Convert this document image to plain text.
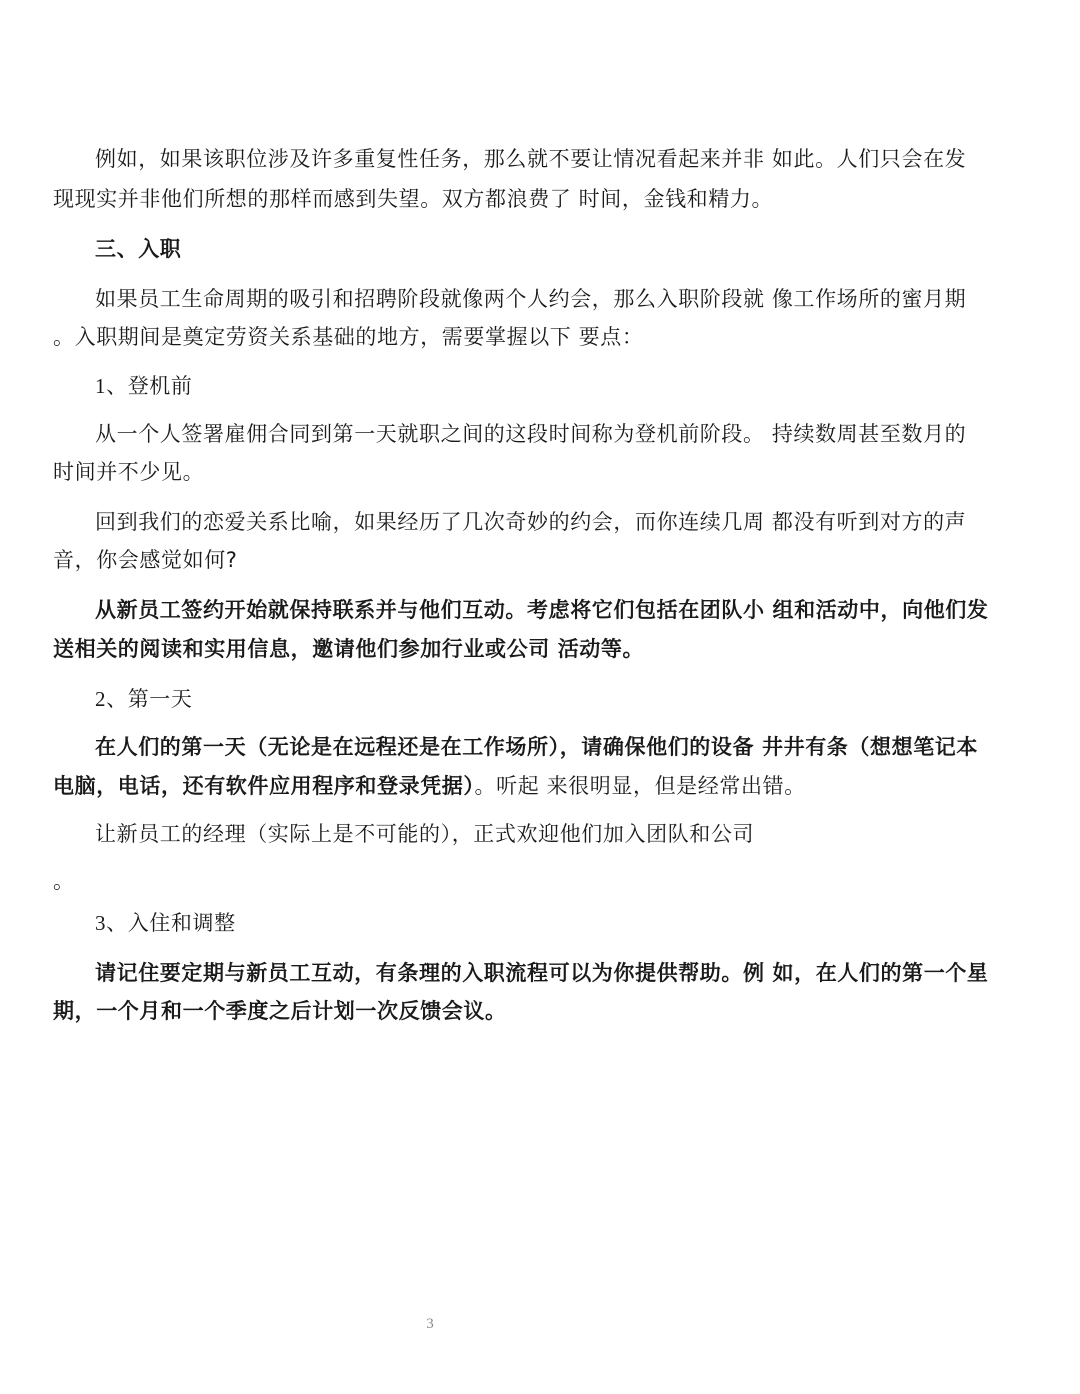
例如，如果该职位涉及许多重复性任务，那么就不要让情况看起来并非 如此。人们只会在发
现现实并非他们所想的那样而感到失望。双方都浪费了 时间，金钱和精力。
三、入职
如果员工生命周期的吸引和招聘阶段就像两个人约会，那么入职阶段就 像工作场所的蜜月期
。入职期间是奠定劳资关系基础的地方，需要掌握以下 要点：
1、登机前
从一个人签署雇佣合同到第一天就职之间的这段时间称为登机前阶段。 持续数周甚至数月的
时间并不少见。
回到我们的恋爱关系比喻，如果经历了几次奇妙的约会，而你连续几周 都没有听到对方的声
音，你会感觉如何?
从新员工签约开始就保持联系并与他们互动。考虑将它们包括在团队小 组和活动中，向他们发
送相关的阅读和实用信息，邀请他们参加行业或公司 活动等。
2、第一天
在人们的第一天（无论是在远程还是在工作场所），请确保他们的设备 井井有条（想想笔记本
电脑，电话，还有软件应用程序和登录凭据）。听起 来很明显，但是经常出错。
让新员工的经理（实际上是不可能的），正式欢迎他们加入团队和公司
。
3、入住和调整
请记住要定期与新员工互动，有条理的入职流程可以为你提供帮助。例 如，在人们的第一个星
期，一个月和一个季度之后计划一次反馈会议。
3
